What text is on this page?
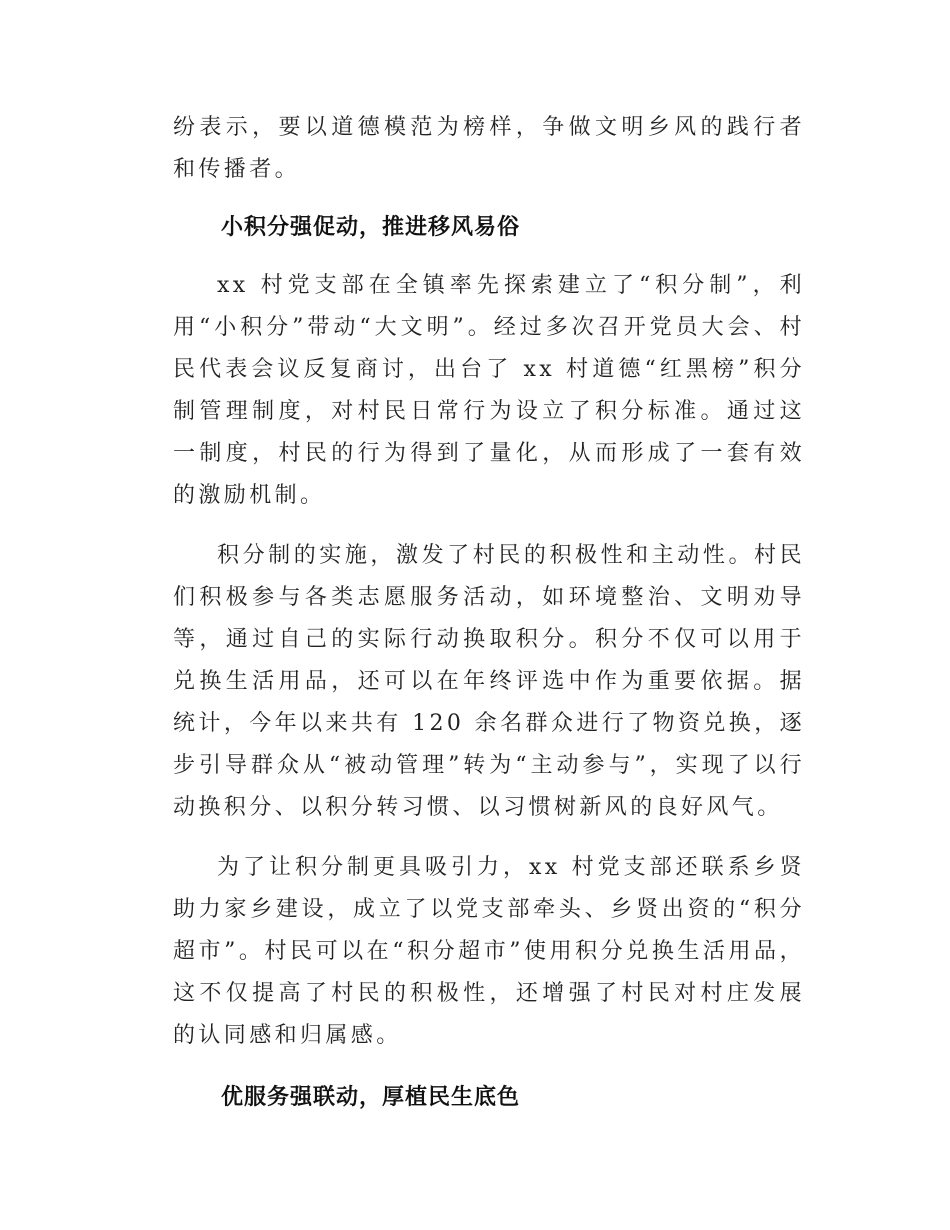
纷表示，要以道德模范为榜样，争做文明乡风的践行者和传播者。

小积分强促动，推进移风易俗

xx 村党支部在全镇率先探索建立了“积分制”，利用“小积分”带动“大文明”。经过多次召开党员大会、村民代表会议反复商讨，出台了 xx 村道德“红黑榜”积分制管理制度，对村民日常行为设立了积分标准。通过这一制度，村民的行为得到了量化，从而形成了一套有效的激励机制。

积分制的实施，激发了村民的积极性和主动性。村民们积极参与各类志愿服务活动，如环境整治、文明劝导等，通过自己的实际行动换取积分。积分不仅可以用于兑换生活用品，还可以在年终评选中作为重要依据。据统计，今年以来共有 120 余名群众进行了物资兑换，逐步引导群众从“被动管理”转为“主动参与”，实现了以行动换积分、以积分转习惯、以习惯树新风的良好风气。

为了让积分制更具吸引力，xx 村党支部还联系乡贤助力家乡建设，成立了以党支部牵头、乡贤出资的“积分超市”。村民可以在“积分超市”使用积分兑换生活用品，这不仅提高了村民的积极性，还增强了村民对村庄发展的认同感和归属感。

优服务强联动，厚植民生底色
